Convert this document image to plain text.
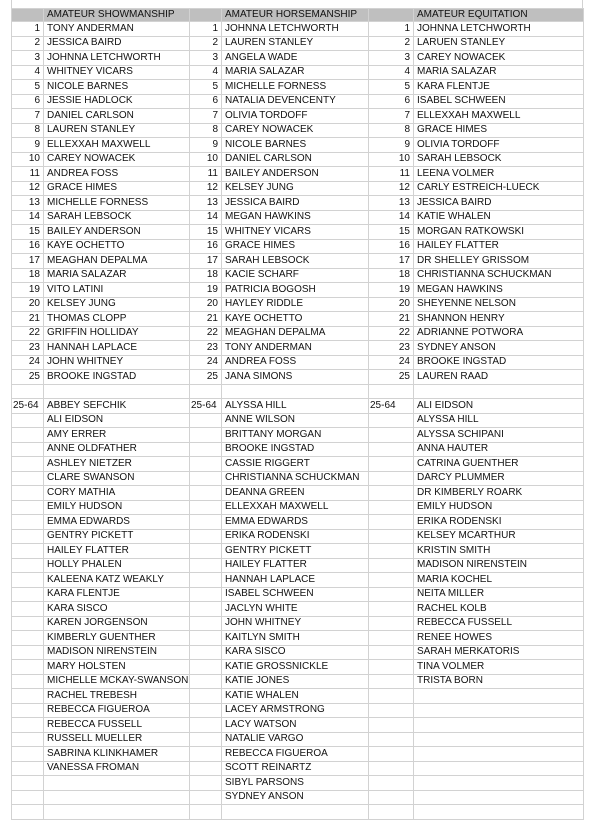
	AMATEUR SHOWMANSHIP		AMATEUR HORSEMANSHIP		AMATEUR EQUITATION
1	TONY ANDERMAN	1	JOHNNA LETCHWORTH	1	JOHNNA LETCHWORTH
2	JESSICA BAIRD	2	LAUREN STANLEY	2	LARUEN STANLEY
3	JOHNNA LETCHWORTH	3	ANGELA WADE	3	CAREY NOWACEK
4	WHITNEY VICARS	4	MARIA SALAZAR	4	MARIA SALAZAR
5	NICOLE BARNES	5	MICHELLE FORNESS	5	KARA FLENTJE
6	JESSIE HADLOCK	6	NATALIA DEVENCENTY	6	ISABEL SCHWEEN
7	DANIEL CARLSON	7	OLIVIA TORDOFF	7	ELLEXXAH MAXWELL
8	LAUREN STANLEY	8	CAREY NOWACEK	8	GRACE HIMES
9	ELLEXXAH MAXWELL	9	NICOLE BARNES	9	OLIVIA TORDOFF
10	CAREY NOWACEK	10	DANIEL CARLSON	10	SARAH LEBSOCK
11	ANDREA FOSS	11	BAILEY ANDERSON	11	LEENA VOLMER
12	GRACE HIMES	12	KELSEY JUNG	12	CARLY ESTREICH-LUECK
13	MICHELLE FORNESS	13	JESSICA BAIRD	13	JESSICA BAIRD
14	SARAH LEBSOCK	14	MEGAN HAWKINS	14	KATIE WHALEN
15	BAILEY ANDERSON	15	WHITNEY VICARS	15	MORGAN RATKOWSKI
16	KAYE OCHETTO	16	GRACE HIMES	16	HAILEY FLATTER
17	MEAGHAN DEPALMA	17	SARAH LEBSOCK	17	DR SHELLEY GRISSOM
18	MARIA SALAZAR	18	KACIE SCHARF	18	CHRISTIANNA SCHUCKMAN
19	VITO LATINI	19	PATRICIA BOGOSH	19	MEGAN HAWKINS
20	KELSEY JUNG	20	HAYLEY RIDDLE	20	SHEYENNE NELSON
21	THOMAS CLOPP	21	KAYE OCHETTO	21	SHANNON HENRY
22	GRIFFIN HOLLIDAY	22	MEAGHAN DEPALMA	22	ADRIANNE POTWORA
23	HANNAH LAPLACE	23	TONY ANDERMAN	23	SYDNEY ANSON
24	JOHN WHITNEY	24	ANDREA FOSS	24	BROOKE INGSTAD
25	BROOKE INGSTAD	25	JANA SIMONS	25	LAUREN RAAD

25-64	ABBEY SEFCHIK	25-64	ALYSSA HILL	25-64	ALI EIDSON
	ALI EIDSON		ANNE WILSON		ALYSSA HILL
	AMY ERRER		BRITTANY MORGAN		ALYSSA SCHIPANI
	ANNE OLDFATHER		BROOKE INGSTAD		ANNA HAUTER
	ASHLEY NIETZER		CASSIE RIGGERT		CATRINA GUENTHER
	CLARE SWANSON		CHRISTIANNA SCHUCKMAN		DARCY PLUMMER
	CORY MATHIA		DEANNA GREEN		DR KIMBERLY ROARK
	EMILY HUDSON		ELLEXXAH MAXWELL		EMILY HUDSON
	EMMA EDWARDS		EMMA EDWARDS		ERIKA RODENSKI
	GENTRY PICKETT		ERIKA RODENSKI		KELSEY MCARTHUR
	HAILEY FLATTER		GENTRY PICKETT		KRISTIN SMITH
	HOLLY PHALEN		HAILEY FLATTER		MADISON NIRENSTEIN
	KALEENA KATZ WEAKLY		HANNAH LAPLACE		MARIA KOCHEL
	KARA FLENTJE		ISABEL SCHWEEN		NEITA MILLER
	KARA SISCO		JACLYN WHITE		RACHEL KOLB
	KAREN JORGENSON		JOHN WHITNEY		REBECCA FUSSELL
	KIMBERLY GUENTHER		KAITLYN SMITH		RENEE HOWES
	MADISON NIRENSTEIN		KARA SISCO		SARAH MERKATORIS
	MARY HOLSTEN		KATIE GROSSNICKLE		TINA VOLMER
	MICHELLE MCKAY-SWANSON		KATIE JONES		TRISTA BORN
	RACHEL TREBESH		KATIE WHALEN		
	REBECCA FIGUEROA		LACEY ARMSTRONG		
	REBECCA FUSSELL		LACY WATSON		
	RUSSELL MUELLER		NATALIE VARGO		
	SABRINA KLINKHAMER		REBECCA FIGUEROA		
	VANESSA FROMAN		SCOTT REINARTZ		
			SIBYL PARSONS		
			SYDNEY ANSON		
